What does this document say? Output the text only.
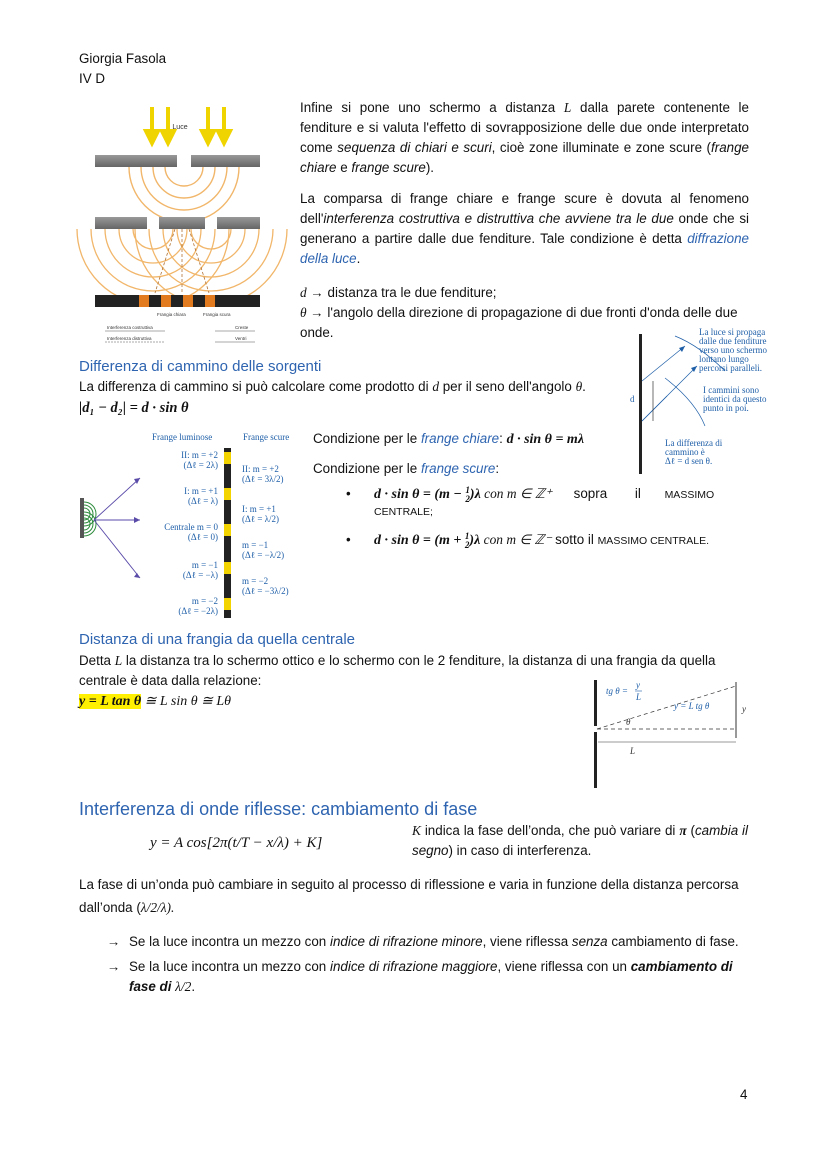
Giorgia Fasola
IV D
Luce
Frangia chiara	Frangia scura
Interferenza costruttiva
Interferenza distruttiva
Creste
Ventri
Infine si pone uno schermo a distanza L dalla parete contenente le fenditure e si valuta l'effetto di sovrapposizione delle due onde interpretato come sequenza di chiari e scuri, cioè zone illuminate e zone scure (frange chiare e frange scure).
La comparsa di frange chiare e frange scure è dovuta al fenomeno dell'interferenza costruttiva e distruttiva che avviene tra le due onde che si generano a partire dalle due fenditure. Tale condizione è detta diffrazione della luce.
d → distanza tra le due fenditure;
θ → l'angolo della direzione di propagazione di due fronti d'onda delle due onde.
d
La luce si propaga
dalle due fenditure
verso uno schermo
lontano lungo
percorsi paralleli.
I cammini sono
identici da questo
punto in poi.
La differenza di
cammino è
Δℓ = d sen θ.
Differenza di cammino delle sorgenti
La differenza di cammino si può calcolare come prodotto di d per il seno dell'angolo θ.
|d₁ − d₂| = d · sin θ
Frange luminose	Frange scure
II: m = +2
(Δℓ = 2λ)
I: m = +1
(Δℓ = λ)
Centrale m = 0
(Δℓ = 0)
m = −1
(Δℓ = −λ)
m = −2
(Δℓ = −2λ)
II: m = +2
(Δℓ = 3λ/2)
I: m = +1
(Δℓ = λ/2)
m = −1
(Δℓ = −λ/2)
m = −2
(Δℓ = −3λ/2)
Condizione per le frange chiare: d · sin θ = mλ
Condizione per le frange scure:
• d · sin θ = (m − 1
2)λ con m ∈ ℤ⁺ sopra il MASSIMO
CENTRALE;
• d · sin θ = (m + 1
2)λ con m ∈ ℤ⁻ sotto il MASSIMO CENTRALE.
Distanza di una frangia da quella centrale
Detta L la distanza tra lo schermo ottico e lo schermo con le 2 fenditure, la distanza di una frangia da quella centrale è data dalla relazione:
y = L tan θ ≅ L sin θ ≅ Lθ
tg θ =
y
L
y = L tg θ
θ
y
L
Interferenza di onde riflesse: cambiamento di fase
y = A cos[2π(t/T − x/λ) + K]
K indica la fase dell’onda, che può variare di π (cambia il segno) in caso di interferenza.
La fase di un’onda può cambiare in seguito al processo di riflessione e varia in funzione della distanza percorsa dall’onda (λ/2/λ).
→ Se la luce incontra un mezzo con indice di rifrazione minore, viene riflessa senza cambiamento di fase.
→ Se la luce incontra un mezzo con indice di rifrazione maggiore, viene riflessa con un cambiamento di fase di λ/2.
4
